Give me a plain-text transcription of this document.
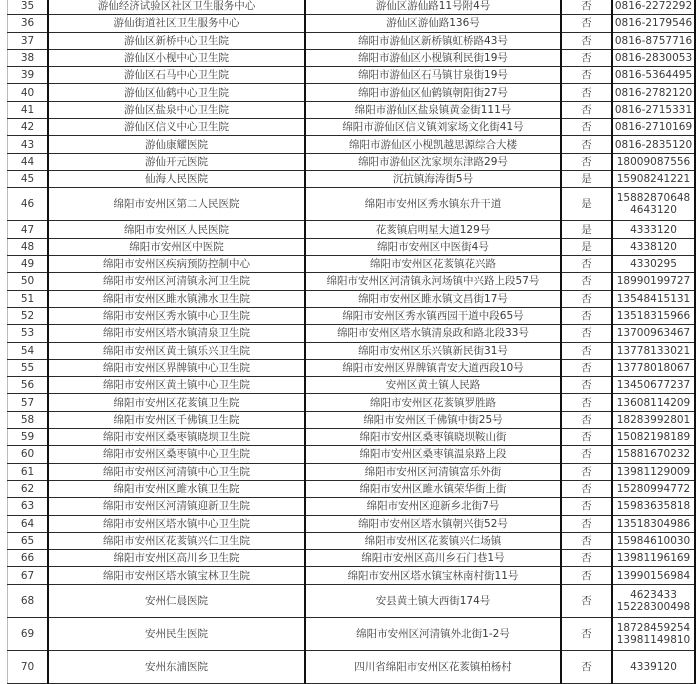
35	游仙经济试验区社区卫生服务中心	游仙区游仙路11号附4号	否	0816-2272292

36	游仙街道社区卫生服务中心	游仙区游仙路136号	否	0816-2179546

37	游仙区新桥中心卫生院	绵阳市游仙区新桥镇虹桥路43号	否	0816-8757716

38	游仙区小枧中心卫生院	绵阳市游仙区小枧镇利民街19号	否	0816-2830053

39	游仙区石马中心卫生院	绵阳市游仙区石马镇甘泉街19号	否	0816-5364495

40	游仙区仙鹤中心卫生院	绵阳市游仙区仙鹤镇朝阳街27号	否	0816-2782120

41	游仙区盐泉中心卫生院	绵阳市游仙区盐泉镇黄金街111号	否	0816-2715331

42	游仙区信义中心卫生院	绵阳市游仙区信义镇刘家场文化街41号	否	0816-2710169

43	游仙康耀医院	绵阳市游仙区小枧凯越思源综合大楼	否	0816-2835120

44	游仙开元医院	绵阳市游仙区沈家坝东津路29号	否	18009087556

45	仙海人民医院	沉抗镇海涛街5号	是	15908241221

46	绵阳市安州区第二人民医院	绵阳市安州区秀水镇东升干道	是	15882870648
4643120

47	绵阳市安州区人民医院	花荄镇启明星大道129号	是	4333120

48	绵阳市安州区中医院	绵阳市安州区中医街4号	是	4338120

49	绵阳市安州区疾病预防控制中心	绵阳市安州区花荄镇花兴路	否	4330295

50	绵阳市安州区河清镇永河卫生院	绵阳市安州区河清镇永河场镇中兴路上段57号	否	18990199727

51	绵阳市安州区雎水镇沸水卫生院	绵阳市安州区雎水镇文昌街17号	否	13548415131

52	绵阳市安州区秀水镇中心卫生院	绵阳市安州区秀水镇西园干道中段65号	否	13518315966

53	绵阳市安州区塔水镇清泉卫生院	绵阳市安州区塔水镇清泉政和路北段33号	否	13700963467

54	绵阳市安州区黄土镇乐兴卫生院	绵阳市安州区乐兴镇新民街31号	否	13778133021

55	绵阳市安州区界牌镇中心卫生院	绵阳市安州区界牌镇青安大道西段10号	否	13778018067

56	绵阳市安州区黄土镇中心卫生院	安州区黄土镇人民路	否	13450677237

57	绵阳市安州区花荄镇卫生院	绵阳市安州区花荄镇罗胜路	否	13608114209

58	绵阳市安州区千佛镇卫生院	绵阳市安州区千佛镇中街25号	否	18283992801

59	绵阳市安州区桑枣镇晓坝卫生院	绵阳市安州区桑枣镇晓坝鞍山街	否	15082198189

60	绵阳市安州区桑枣镇中心卫生院	绵阳市安州区桑枣镇温泉路上段	否	15881670232

61	绵阳市安州区河清镇中心卫生院	绵阳市安州区河清镇富乐外街	否	13981129009

62	绵阳市安州区雎水镇卫生院	绵阳市安州区雎水镇荣华街上街	否	15280994772

63	绵阳市安州区河清镇迎新卫生院	绵阳市安州区迎新乡北街7号	否	15983635818

64	绵阳市安州区塔水镇中心卫生院	绵阳市安州区塔水镇朝兴街52号	否	13518304986

65	绵阳市安州区花荄镇兴仁卫生院	绵阳市安州区花荄镇兴仁场镇	否	15984610030

66	绵阳市安州区高川乡卫生院	绵阳市安州区高川乡石门巷1号	否	13981196169

67	绵阳市安州区塔水镇宝林卫生院	绵阳市安州区塔水镇宝林南村街11号	否	13990156984

68	安州仁晨医院	安县黄土镇大西街174号	否	4623433
15228300498

69	安州民生医院	绵阳市安州区河清镇外北街1-2号	否	18728459254
13981149810

70	安州东浦医院	四川省绵阳市安州区花荄镇柏杨村	否	4339120
